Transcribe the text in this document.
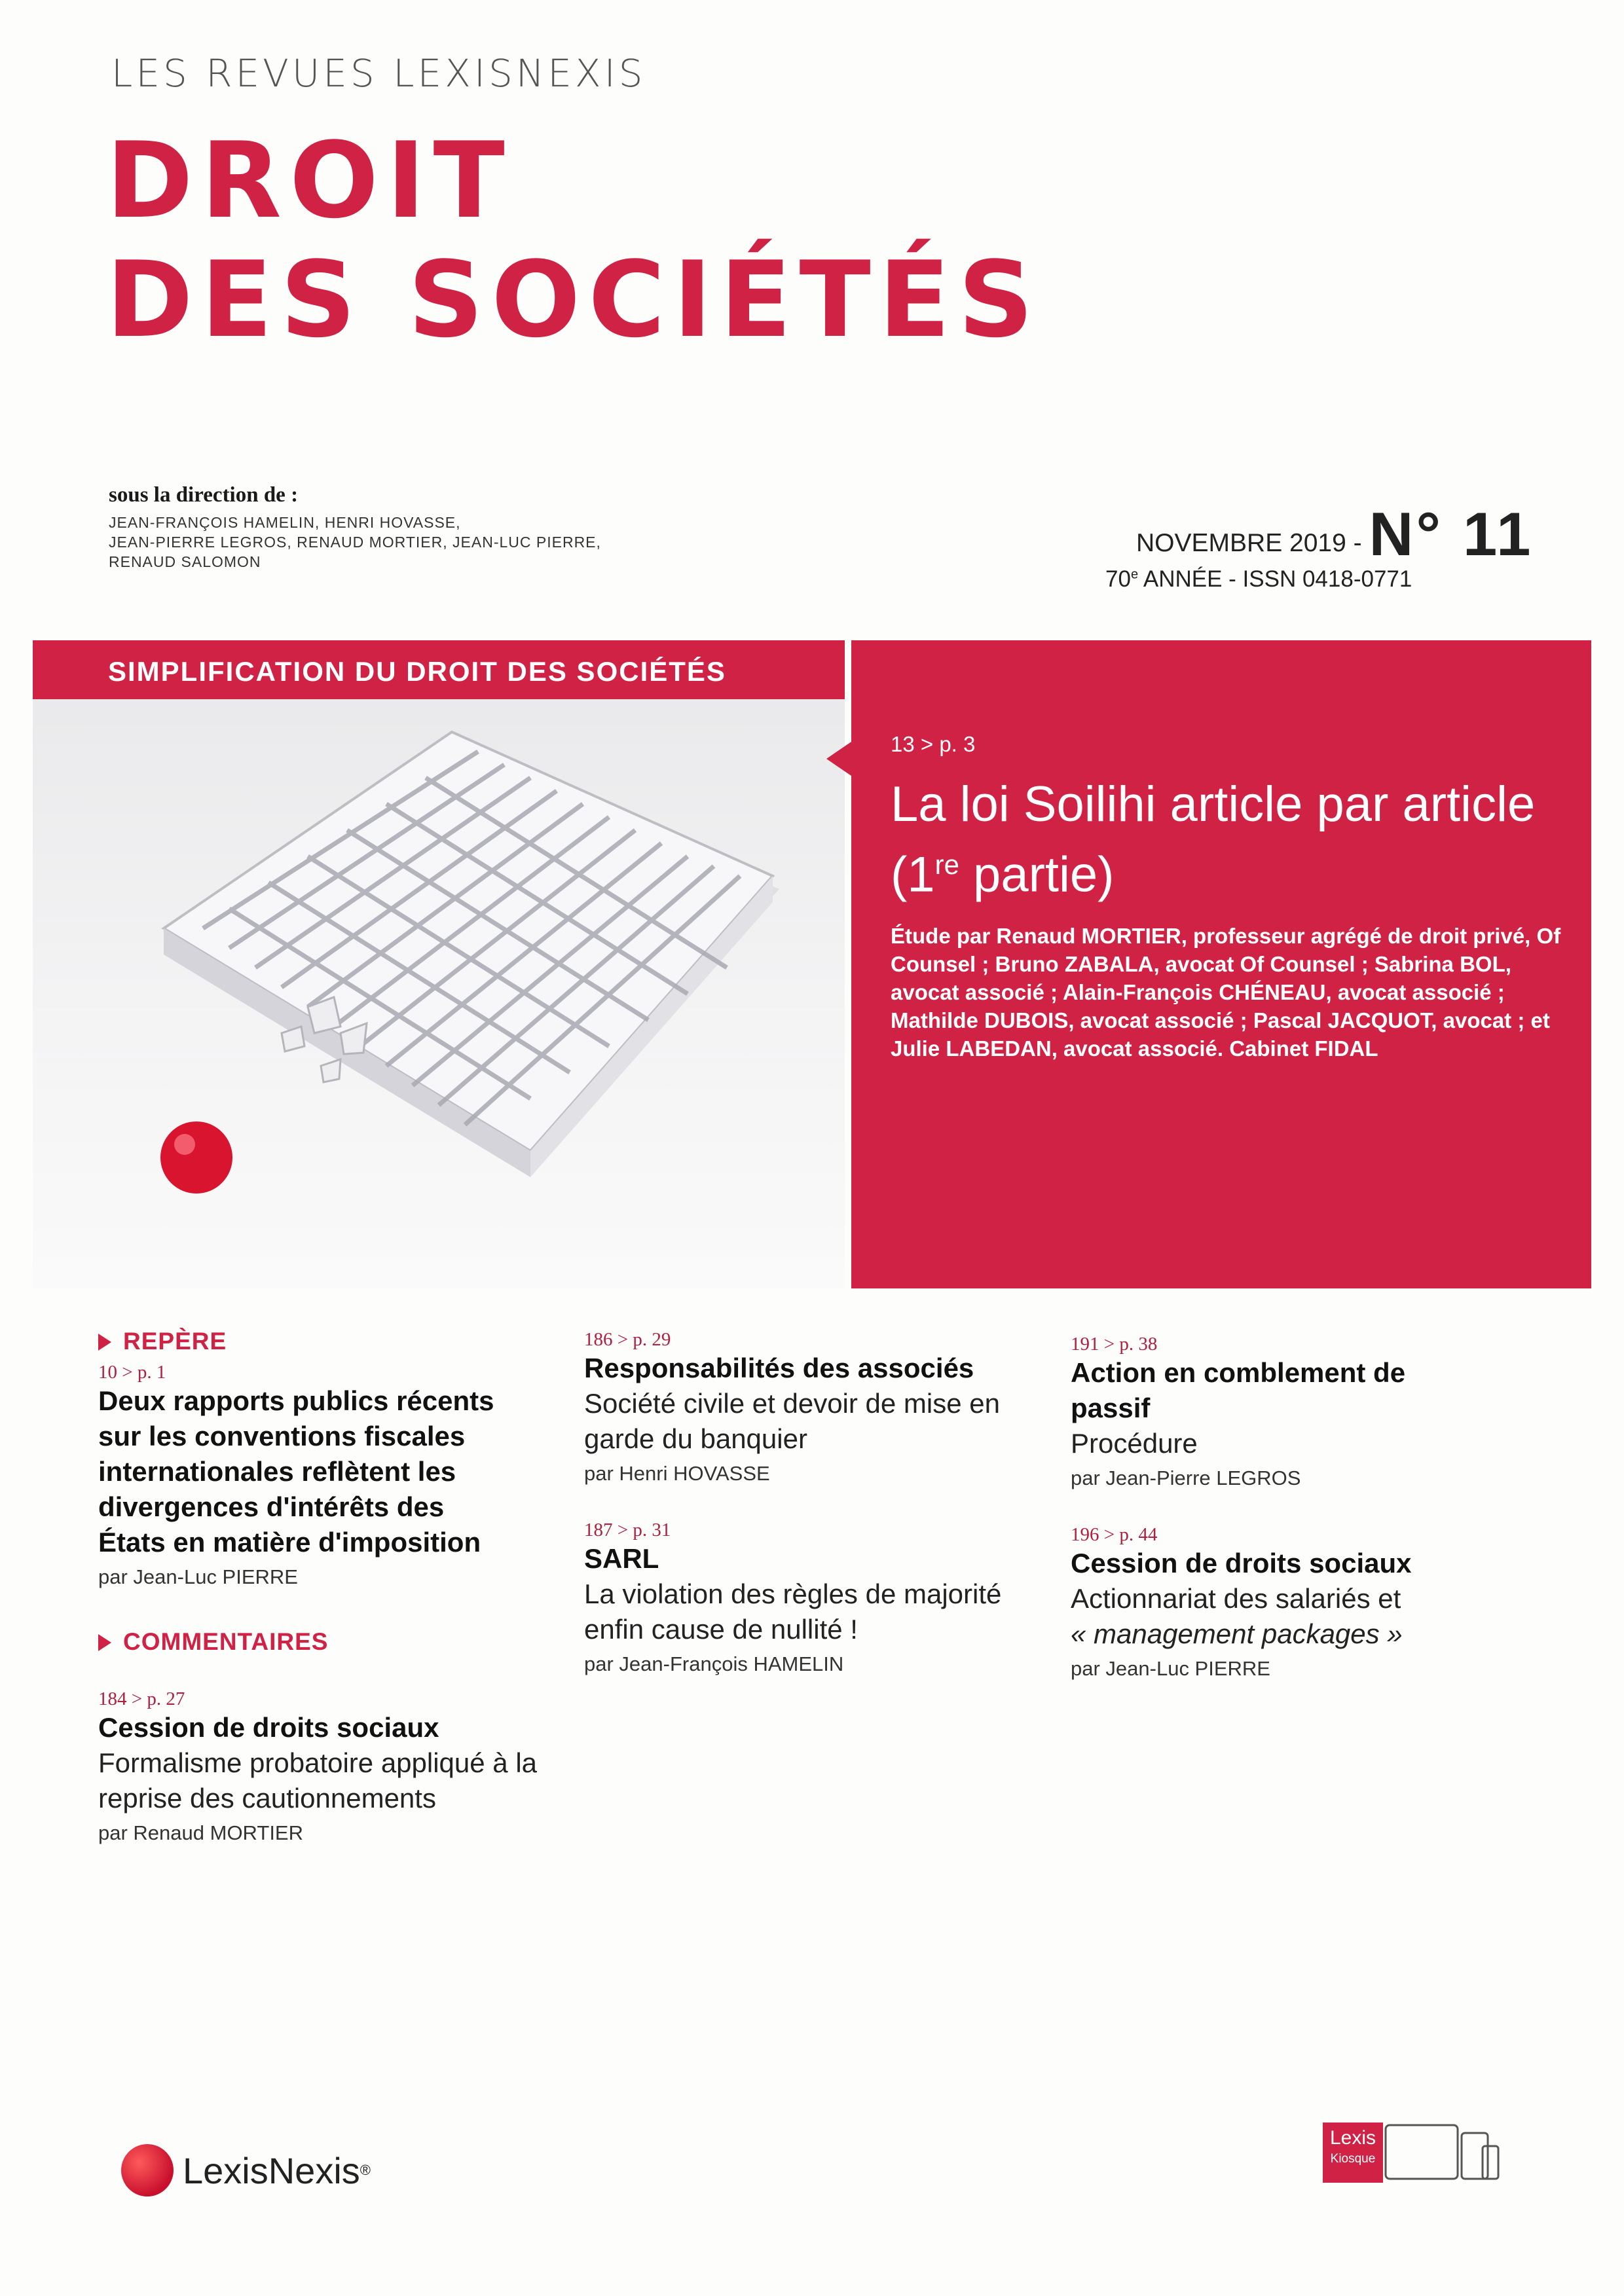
LES REVUES LEXISNEXIS
DROIT
DES SOCIÉTÉS
sous la direction de :
JEAN-FRANÇOIS HAMELIN, HENRI HOVASSE,
JEAN-PIERRE LEGROS, RENAUD MORTIER, JEAN-LUC PIERRE,
RENAUD SALOMON
NOVEMBRE 2019 - N° 11
70e ANNÉE - ISSN 0418-0771
SIMPLIFICATION DU DROIT DES SOCIÉTÉS
13 > p. 3
La loi Soilihi article par article (1re partie)
Étude par Renaud MORTIER, professeur agrégé de droit privé, Of Counsel ; Bruno ZABALA, avocat Of Counsel ; Sabrina BOL, avocat associé ; Alain-François CHÉNEAU, avocat associé ; Mathilde DUBOIS, avocat associé ; Pascal JACQUOT, avocat ; et Julie LABEDAN, avocat associé. Cabinet FIDAL
REPÈRE
10 > p. 1
Deux rapports publics récents sur les conventions fiscales internationales reflètent les divergences d'intérêts des États en matière d'imposition
par Jean-Luc PIERRE
COMMENTAIRES
184 > p. 27
Cession de droits sociaux
Formalisme probatoire appliqué à la reprise des cautionnements
par Renaud MORTIER
186 > p. 29
Responsabilités des associés
Société civile et devoir de mise en garde du banquier
par Henri HOVASSE
187 > p. 31
SARL
La violation des règles de majorité enfin cause de nullité !
par Jean-François HAMELIN
191 > p. 38
Action en comblement de passif
Procédure
par Jean-Pierre LEGROS
196 > p. 44
Cession de droits sociaux
Actionnariat des salariés et
« management packages »
par Jean-Luc PIERRE
LexisNexis ®
Lexis
Kiosque
